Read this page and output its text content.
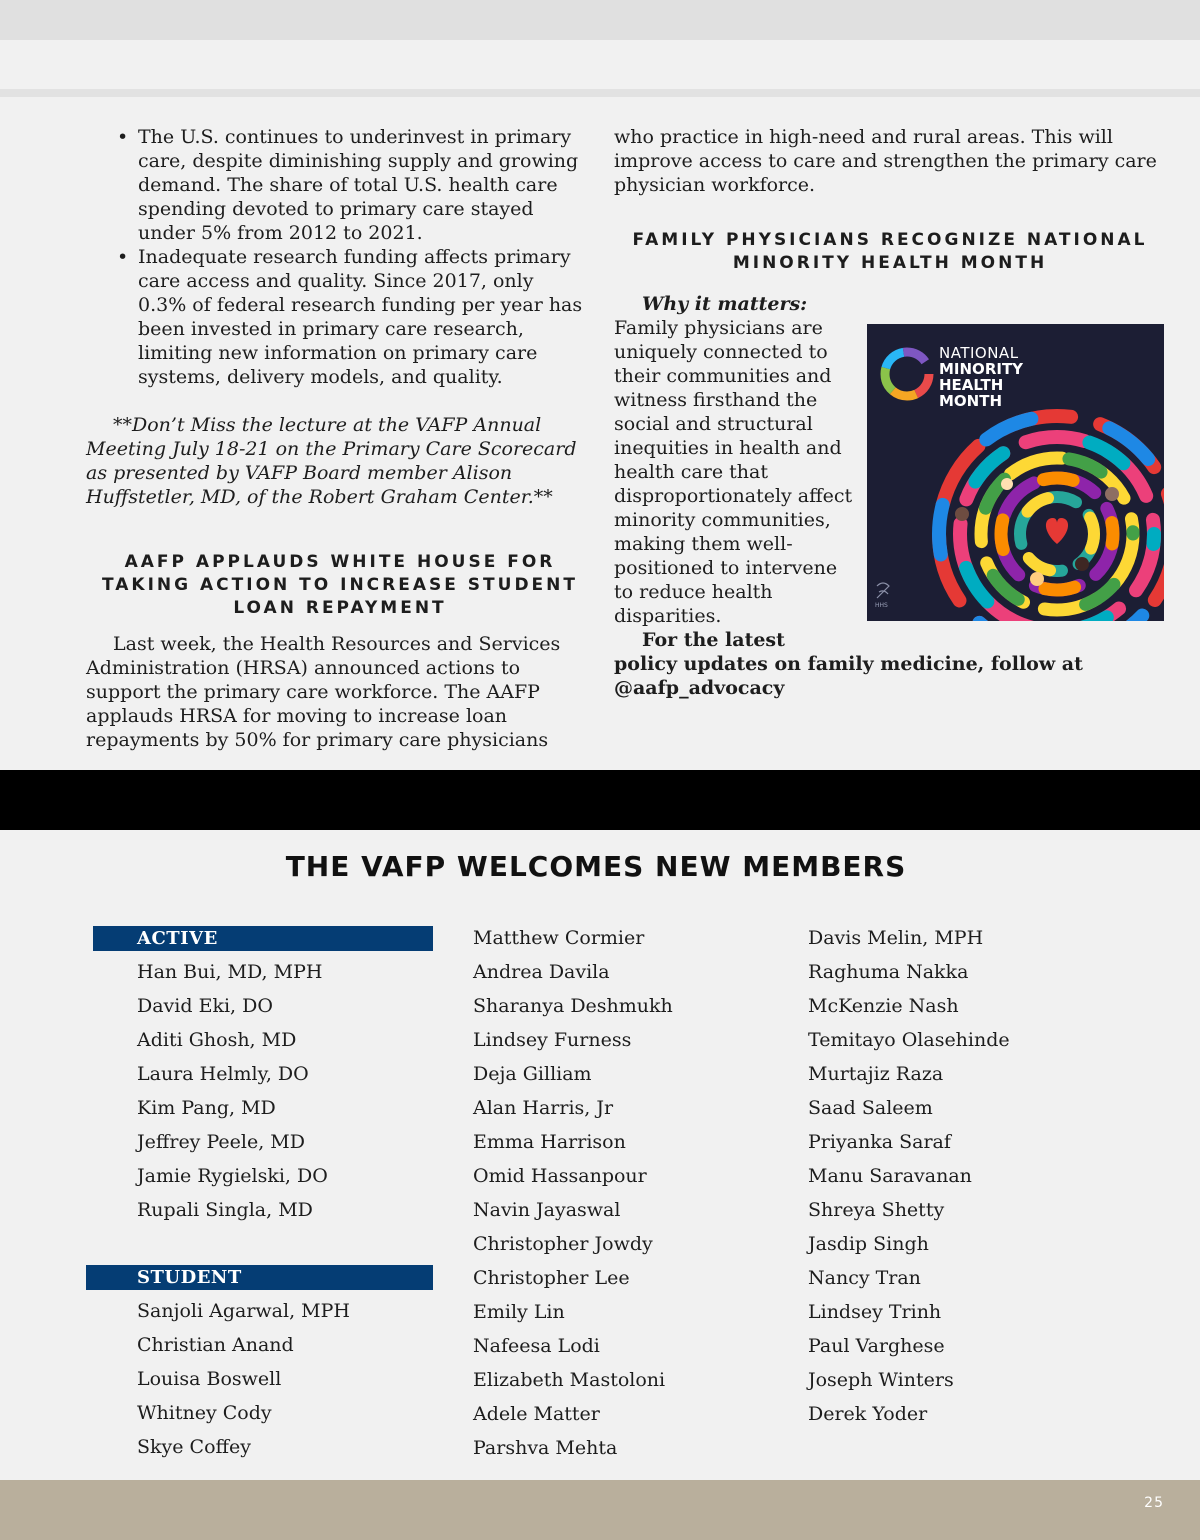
• The U.S. continues to underinvest in primary care, despite diminishing supply and growing demand. The share of total U.S. health care spending devoted to primary care stayed under 5% from 2012 to 2021.
• Inadequate research funding affects primary care access and quality. Since 2017, only 0.3% of federal research funding per year has been invested in primary care research, limiting new information on primary care systems, delivery models, and quality.

**Don’t Miss the lecture at the VAFP Annual Meeting July 18-21 on the Primary Care Scorecard as presented by VAFP Board member Alison Huffstetler, MD, of the Robert Graham Center.**

AAFP APPLAUDS WHITE HOUSE FOR TAKING ACTION TO INCREASE STUDENT LOAN REPAYMENT

Last week, the Health Resources and Services Administration (HRSA) announced actions to support the primary care workforce. The AAFP applauds HRSA for moving to increase loan repayments by 50% for primary care physicians

who practice in high-need and rural areas. This will improve access to care and strengthen the primary care physician workforce.

FAMILY PHYSICIANS RECOGNIZE NATIONAL MINORITY HEALTH MONTH
Why it matters:
Family physicians are uniquely connected to their communities and witness firsthand the social and structural inequities in health and health care that disproportionately affect minority communities, making them well-positioned to intervene to reduce health disparities.
For the latest
policy updates on family medicine, follow at
@aafp_advocacy
NATIONAL
MINORITY
HEALTH
MONTH
HHS
THE VAFP WELCOMES NEW MEMBERS
ACTIVE
Han Bui, MD, MPH
David Eki, DO
Aditi Ghosh, MD
Laura Helmly, DO
Kim Pang, MD
Jeffrey Peele, MD
Jamie Rygielski, DO
Rupali Singla, MD
STUDENT
Sanjoli Agarwal, MPH
Christian Anand
Louisa Boswell
Whitney Cody
Skye Coffey
Matthew Cormier
Andrea Davila
Sharanya Deshmukh
Lindsey Furness
Deja Gilliam
Alan Harris, Jr
Emma Harrison
Omid Hassanpour
Navin Jayaswal
Christopher Jowdy
Christopher Lee
Emily Lin
Nafeesa Lodi
Elizabeth Mastoloni
Adele Matter
Parshva Mehta
Davis Melin, MPH
Raghuma Nakka
McKenzie Nash
Temitayo Olasehinde
Murtajiz Raza
Saad Saleem
Priyanka Saraf
Manu Saravanan
Shreya Shetty
Jasdip Singh
Nancy Tran
Lindsey Trinh
Paul Varghese
Joseph Winters
Derek Yoder
25
